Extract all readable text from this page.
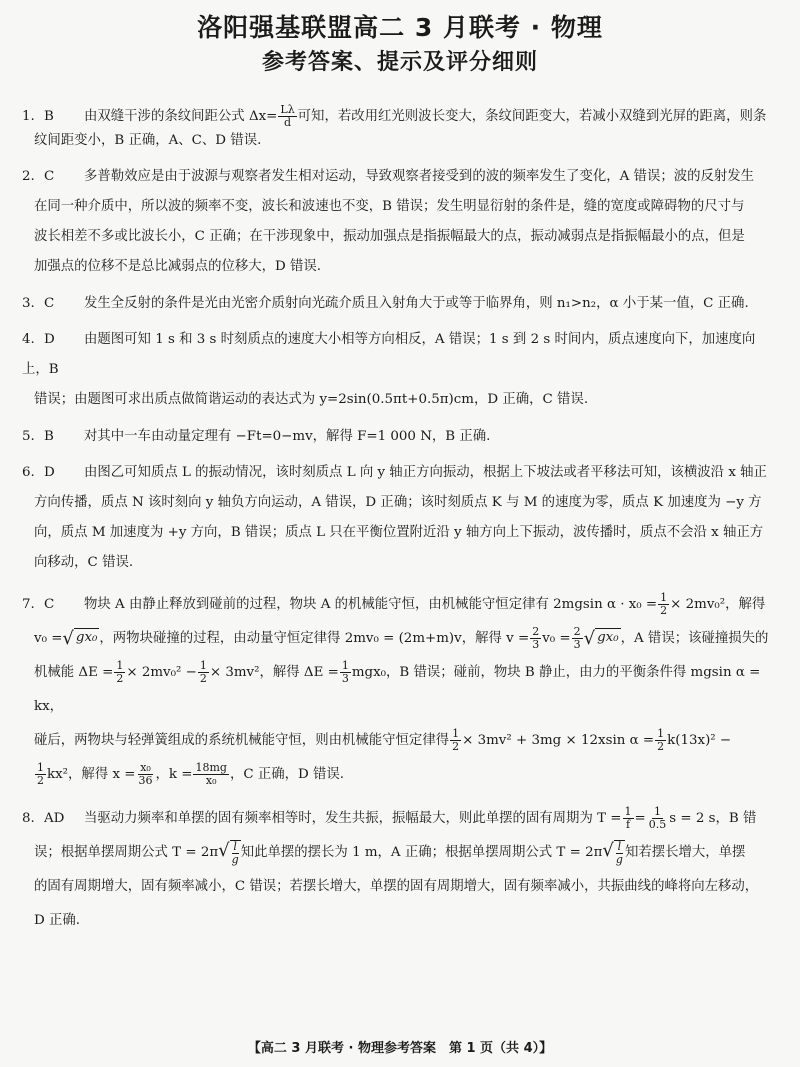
洛阳强基联盟高二 3 月联考 · 物理
参考答案、提示及评分细则

1. B 由双缝干涉的条纹间距公式 $\Delta x= \frac{L\lambda}{d}$ 可知，若改用红光则波长变大，条纹间距变大，若减小双缝到光屏的距离，则条

纹间距变小，B 正确，A、C、D 错误.

2. C 多普勒效应是由于波源与观察者发生相对运动，导致观察者接受到的波的频率发生了变化，A 错误；波的反射发生

在同一种介质中，所以波的频率不变，波长和波速也不变，B 错误；发生明显衍射的条件是，缝的宽度或障碍物的尺寸与

波长相差不多或比波长小，C 正确；在干涉现象中，振动加强点是指振幅最大的点，振动减弱点是指振幅最小的点，但是

加强点的位移不是总比减弱点的位移大，D 错误.

3. C 发生全反射的条件是光由光密介质射向光疏介质且入射角大于或等于临界角，则 n₁>n₂，α 小于某一值，C 正确.

4. D 由题图可知 1 s 和 3 s 时刻质点的速度大小相等方向相反，A 错误；1 s 到 2 s 时间内，质点速度向下，加速度向上，B

错误；由题图可求出质点做简谐运动的表达式为 y=2sin(0.5πt+0.5π)cm，D 正确，C 错误.

5. B 对其中一车由动量定理有 −Ft=0−mv，解得 F=1 000 N，B 正确.

6. D 由图乙可知质点 L 的振动情况，该时刻质点 L 向 y 轴正方向振动，根据上下坡法或者平移法可知，该横波沿 x 轴正

方向传播，质点 N 该时刻向 y 轴负方向运动，A 错误，D 正确；该时刻质点 K 与 M 的速度为零，质点 K 加速度为 −y 方

向，质点 M 加速度为 +y 方向，B 错误；质点 L 只在平衡位置附近沿 y 轴方向上下振动，波传播时，质点不会沿 x 轴正方

向移动，C 错误.

7. C 物块 A 由静止释放到碰前的过程，物块 A 的机械能守恒，由机械能守恒定律有 2mgsin $\alpha \cdot x_0 = \frac{1}{2} \times 2mv_0^2$，解得

v₀ = √ gx₀ ，两物块碰撞的过程，由动量守恒定律得 2mv₀ = (2m+m)v，解得 $v = \frac{2}{3} v_0 = \frac{2}{3}$ √ gx₀ ，A 错误；该碰撞损失的

机械能 $\Delta E = \frac{1}{2} \times 2mv_0^2 - \frac{1}{2} \times 3mv^2$，解得 $\Delta E = \frac{1}{3} mgx_0$，B 错误；碰前，物块 B 静止，由力的平衡条件得 mgsin α = kx，

碰后，两物块与轻弹簧组成的系统机械能守恒，则由机械能守恒定律得 $\frac{1}{2} \times 3mv^2 + 3mg \times 12xsin$ $\alpha = \frac{1}{2} k(13x)^2$ −

$\frac{1}{2} kx^2$，解得 $x = \frac{\text{x₀}}{36}$ ，$k = \frac{18mg}{\text{x₀}}$ ，C 正确，D 错误.

8. AD 当驱动力频率和单摆的固有频率相等时，发生共振，振幅最大，则此单摆的固有周期为 $T = \frac{1}{f} = \frac{1}{0.5}$ s = 2 s，B 错

误；根据单摆周期公式 T = 2π √ $\frac{l}{g}$ 知此单摆的摆长为 1 m，A 正确；根据单摆周期公式 T = 2π √ $\frac{l}{g}$ 知若摆长增大，单摆

的固有周期增大，固有频率减小，C 错误；若摆长增大，单摆的固有周期增大，固有频率减小，共振曲线的峰将向左移动，

D 正确.

【高二 3 月联考 · 物理参考答案　第 1 页（共 4）】
